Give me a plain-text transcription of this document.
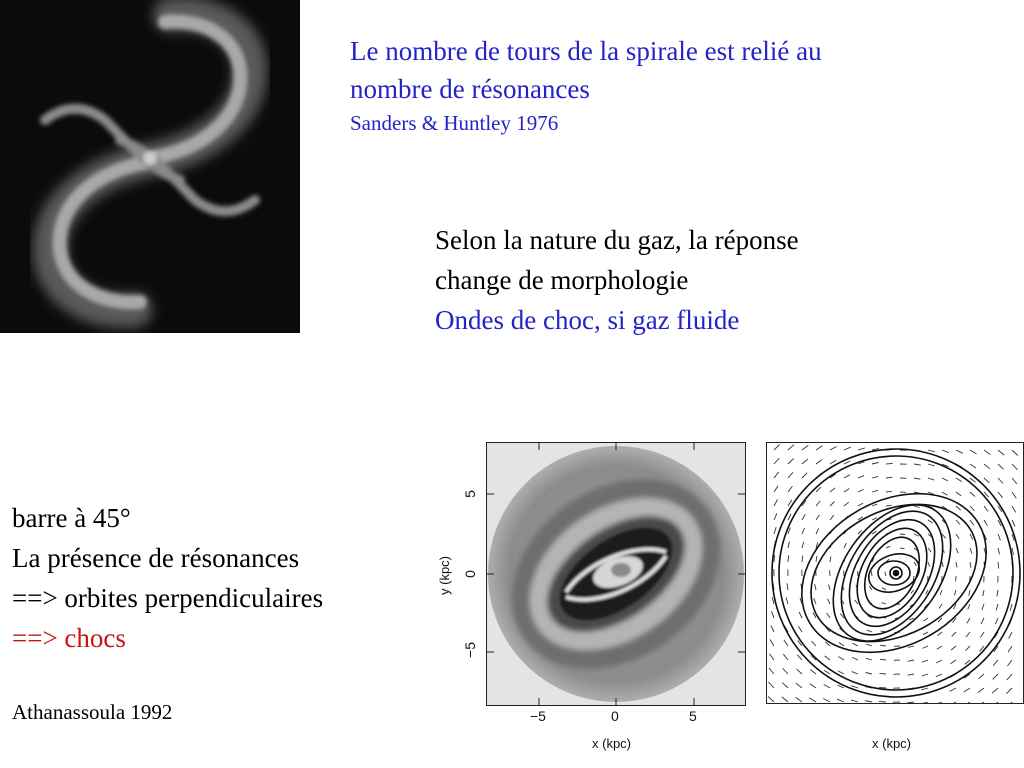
Le nombre de tours de la spirale est relié au
nombre de résonances
Sanders & Huntley 1976
Selon la nature du gaz, la réponse
change de morphologie
Ondes de choc, si gaz fluide
barre à 45°
La présence de résonances
==> orbites perpendiculaires
==> chocs
Athanassoula 1992	−5	0	5
x (kpc)
5
0
−5
y (kpc)
x (kpc)
